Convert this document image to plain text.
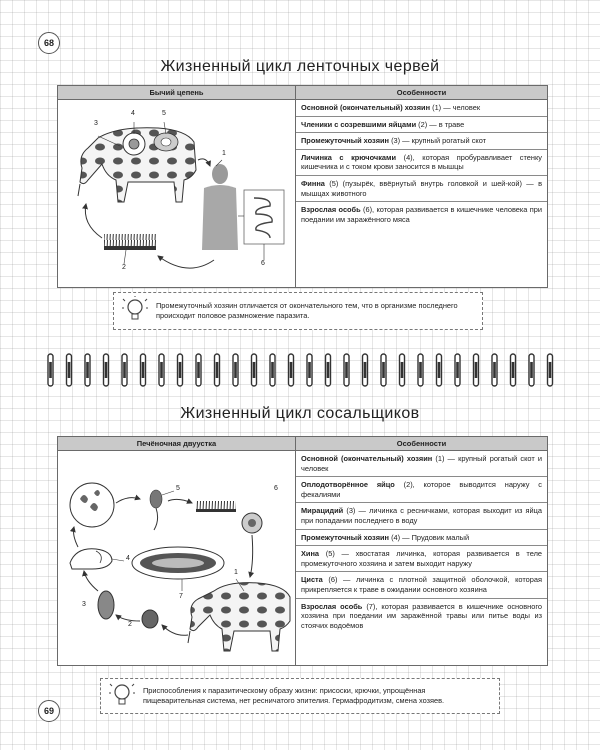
68
Жизненный цикл ленточных червей
Бычий цепень
3
4	5
1
6
2
Особенности
Основной (окончательный) хозяин (1) — человек
Членики с созревшими яйцами (2) — в траве
Промежуточный хозяин (3) — крупный рогатый скот
Личинка с крючочками (4), которая пробуравливает стенку кишечника и с током крови заносится в мышцы
Финна (5) (пузырёк, ввёрнутый внутрь головкой и шей-кой) — в мышцах животного
Взрослая особь (6), которая развивается в кишечнике человека при поедании им заражённого мяса
Промежуточный хозяин отличается от окончательного тем, что в организме последнего происходит половое размножение паразита.
Жизненный цикл сосальщиков
Печёночная двуустка
5	6
4
7
1
3
2
Особенности
Основной (окончательный) хозяин (1) — крупный рогатый скот и человек
Оплодотворённое яйцо (2), которое выводится наружу с фекалиями
Мирацидий (3) — личинка с ресничками, которая выходит из яйца при попадании последнего в воду
Промежуточный хозяин (4) — Прудовик малый
Хина (5) — хвостатая личинка, которая развивается в теле промежуточного хозяина и затем выходит наружу
Циста (6) — личинка с плотной защитной оболочкой, которая прикрепляется к траве в ожидании основного хозяина
Взрослая особь (7), которая развивается в кишечнике основного хозяина при поедании им заражённой травы или питье воды из стоячих водоёмов
Приспособления к паразитическому образу жизни: присоски, крючки, упрощённая пищеварительная система, нет ресничатого эпителия. Гермафродитизм, смена хозяев.
69
